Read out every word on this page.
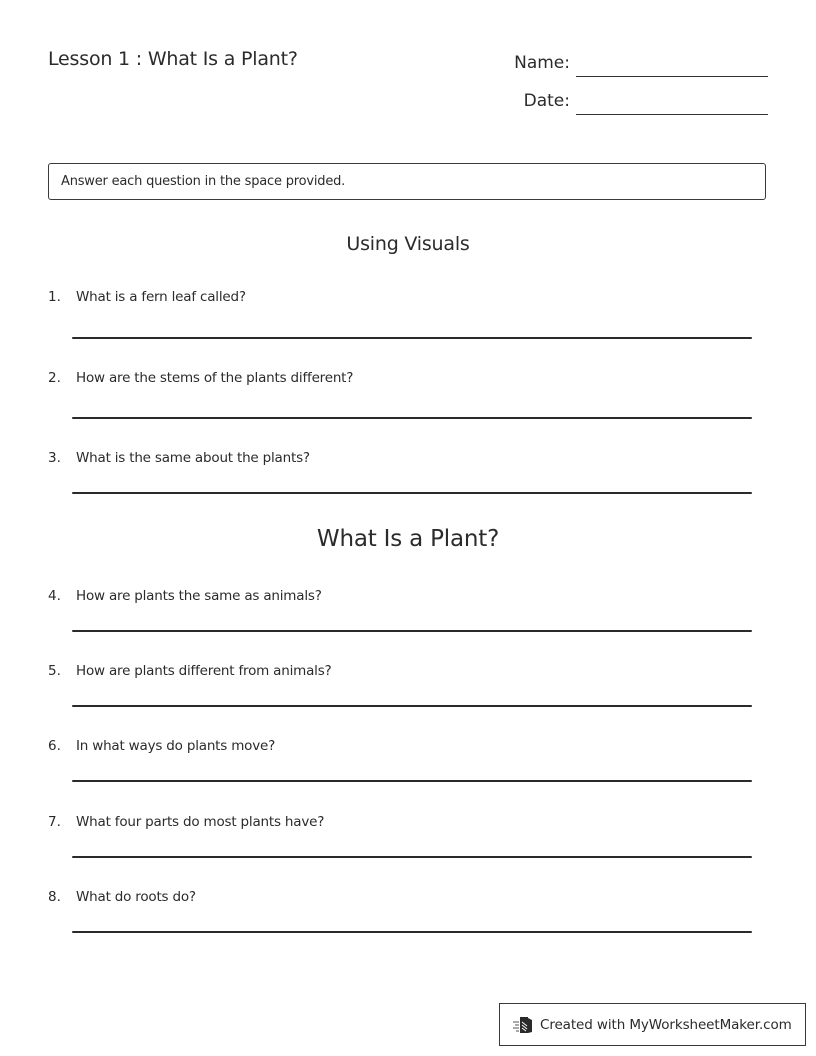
Lesson 1 : What Is a Plant?	Name:
Date:
Answer each question in the space provided.
Using Visuals
1. What is a fern leaf called?
2. How are the stems of the plants different?
3. What is the same about the plants?
What Is a Plant?
4. How are plants the same as animals?
5. How are plants different from animals?
6. In what ways do plants move?
7. What four parts do most plants have?
8. What do roots do?
Created with MyWorksheetMaker.com
